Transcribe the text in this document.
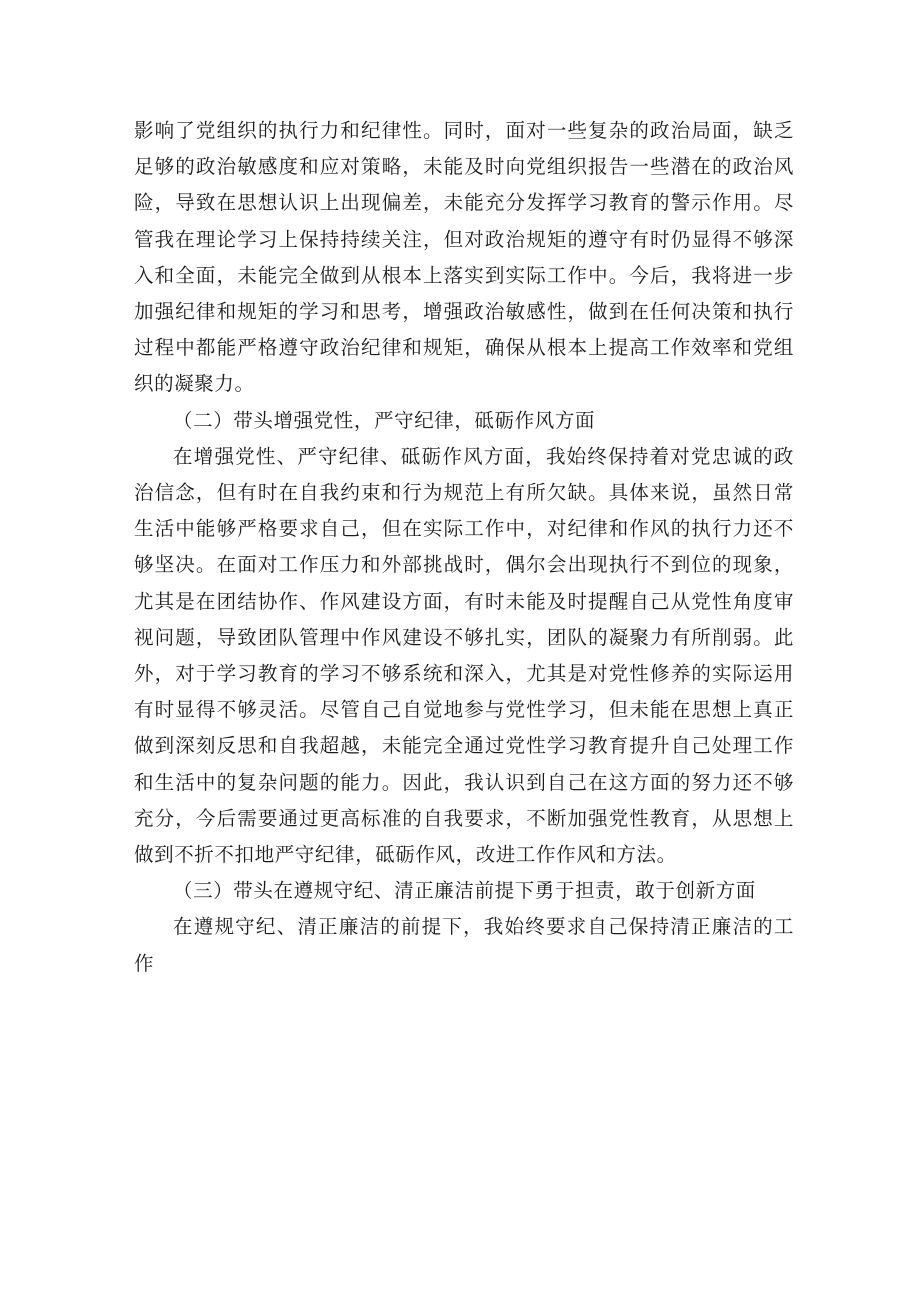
影响了党组织的执行力和纪律性。同时，面对一些复杂的政治局面，缺乏足够的政治敏感度和应对策略，未能及时向党组织报告一些潜在的政治风险，导致在思想认识上出现偏差，未能充分发挥学习教育的警示作用。尽管我在理论学习上保持持续关注，但对政治规矩的遵守有时仍显得不够深入和全面，未能完全做到从根本上落实到实际工作中。今后，我将进一步加强纪律和规矩的学习和思考，增强政治敏感性，做到在任何决策和执行过程中都能严格遵守政治纪律和规矩，确保从根本上提高工作效率和党组织的凝聚力。

（二）带头增强党性，严守纪律，砥砺作风方面

在增强党性、严守纪律、砥砺作风方面，我始终保持着对党忠诚的政治信念，但有时在自我约束和行为规范上有所欠缺。具体来说，虽然日常生活中能够严格要求自己，但在实际工作中，对纪律和作风的执行力还不够坚决。在面对工作压力和外部挑战时，偶尔会出现执行不到位的现象，尤其是在团结协作、作风建设方面，有时未能及时提醒自己从党性角度审视问题，导致团队管理中作风建设不够扎实，团队的凝聚力有所削弱。此外，对于学习教育的学习不够系统和深入，尤其是对党性修养的实际运用有时显得不够灵活。尽管自己自觉地参与党性学习，但未能在思想上真正做到深刻反思和自我超越，未能完全通过党性学习教育提升自己处理工作和生活中的复杂问题的能力。因此，我认识到自己在这方面的努力还不够充分，今后需要通过更高标准的自我要求，不断加强党性教育，从思想上做到不折不扣地严守纪律，砥砺作风，改进工作作风和方法。

（三）带头在遵规守纪、清正廉洁前提下勇于担责，敢于创新方面

在遵规守纪、清正廉洁的前提下，我始终要求自己保持清正廉洁的工作
